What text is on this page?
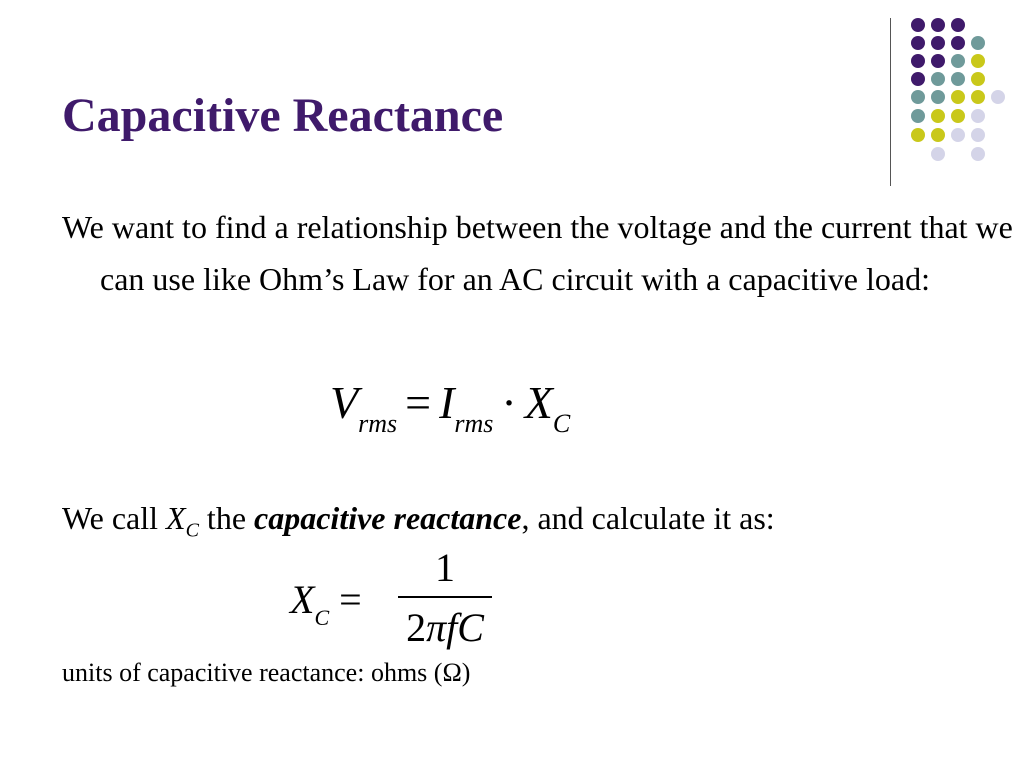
Capacitive Reactance
We want to find a relationship between the voltage and the current that we can use like Ohm’s Law for an AC circuit with a capacitive load:
$V_{rms} = I_{rms} \cdot X_C$
We call $X_C$ the capacitive reactance, and calculate it as:
$X_C$ =
1
2πfC
units of capacitive reactance: ohms (Ω)
